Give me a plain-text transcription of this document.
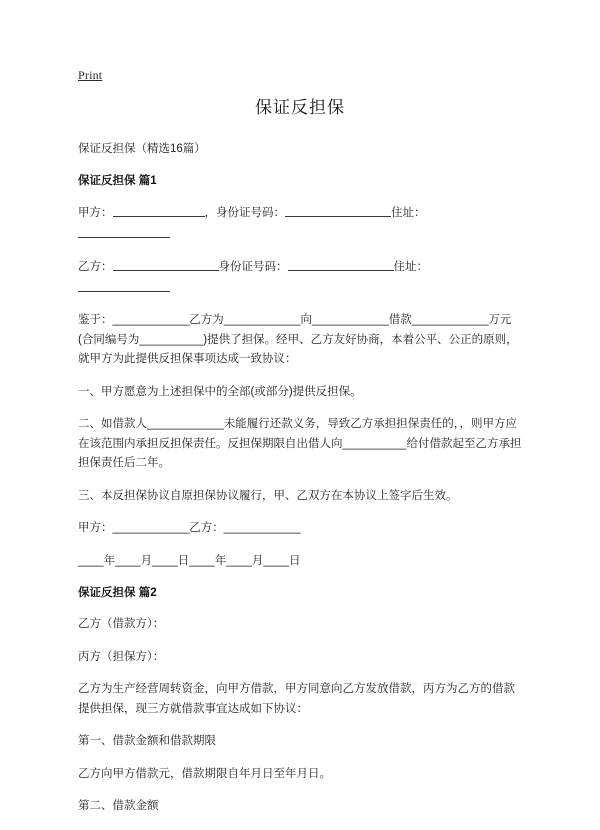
Print
保证反担保

保证反担保（精选16篇）

保证反担保 篇1

甲方：	，身份证号码：	住址：

乙方：	身份证号码：	住址：

鉴于：____________乙方为____________向____________借款____________万元(合同编号为__________)提供了担保。经甲、乙方友好协商，本着公平、公正的原则，就甲方为此提供反担保事项达成一致协议：

一、甲方愿意为上述担保中的全部(或部分)提供反担保。

二、如借款人____________未能履行还款义务，导致乙方承担担保责任的，，则甲方应在该范围内承担反担保责任。反担保期限自出借人向__________给付借款起至乙方承担担保责任后二年。

三、本反担保协议自原担保协议履行，甲、乙双方在本协议上签字后生效。

甲方：____________乙方：____________

____年____月____日____年____月____日

保证反担保 篇2

乙方（借款方）：

丙方（担保方）：

乙方为生产经营周转资金，向甲方借款，甲方同意向乙方发放借款，丙方为乙方的借款提供担保，现三方就借款事宜达成如下协议：

第一、借款金额和借款期限

乙方向甲方借款元，借款期限自年月日至年月日。

第二、借款金额
